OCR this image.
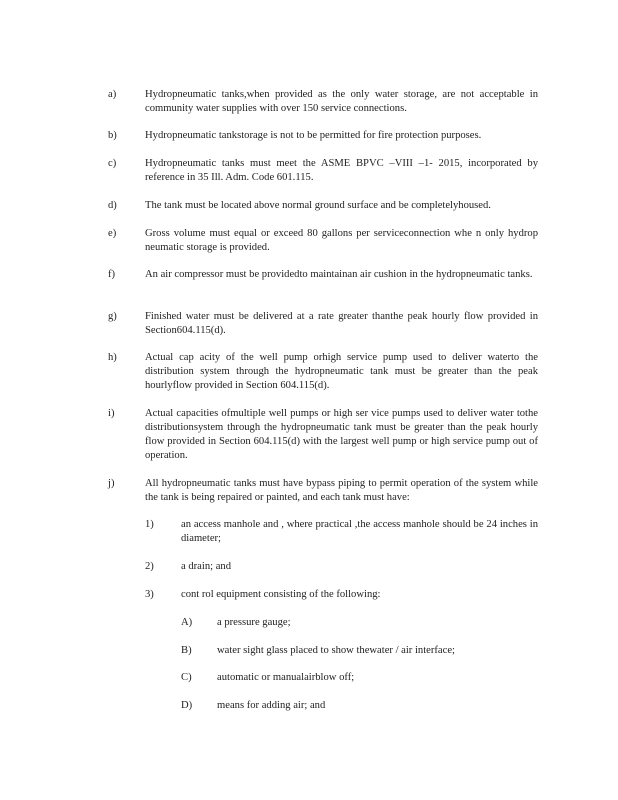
a)	Hydropneumatic tanks,when provided as the only water storage, are not acceptable in community water supplies with over 150 service connections.
b)	Hydropneumatic tankstorage is not to be permitted for fire protection purposes.
c)	Hydropneumatic tanks must meet the ASME BPVC –VIII –1- 2015, incorporated by reference in 35 Ill. Adm. Code 601.115.
d)	The tank must be located above normal ground surface and be completelyhoused.
e)	Gross volume must equal or exceed 80 gallons per serviceconnection whe n only hydrop neumatic storage is provided.
f)	An air compressor must be providedto maintainan air cushion in the hydropneumatic tanks.
g)	Finished water must be delivered at a rate greater thanthe peak hourly flow provided in Section604.115(d).
h)	Actual cap acity of the well pump orhigh service pump used to deliver waterto the distribution system through the hydropneumatic tank must be greater than the peak hourlyflow provided in Section 604.115(d).
i)	Actual capacities ofmultiple well pumps or high ser vice pumps used to deliver water tothe distributionsystem through the hydropneumatic tank must be greater than the peak hourly flow provided in Section 604.115(d) with the largest well pump or high service pump out of operation.
j)	All hydropneumatic tanks must have bypass piping to permit operation of the system while the tank is being repaired or painted, and each tank must have:
1)	an access manhole and , where practical ,the access manhole should be 24 inches in diameter;
2)	a drain; and
3)	cont rol equipment consisting of the following:
A) a pressure gauge;
B) water sight glass placed to show thewater / air interface;
C) automatic or manualairblow off;
D) means for adding air; and
